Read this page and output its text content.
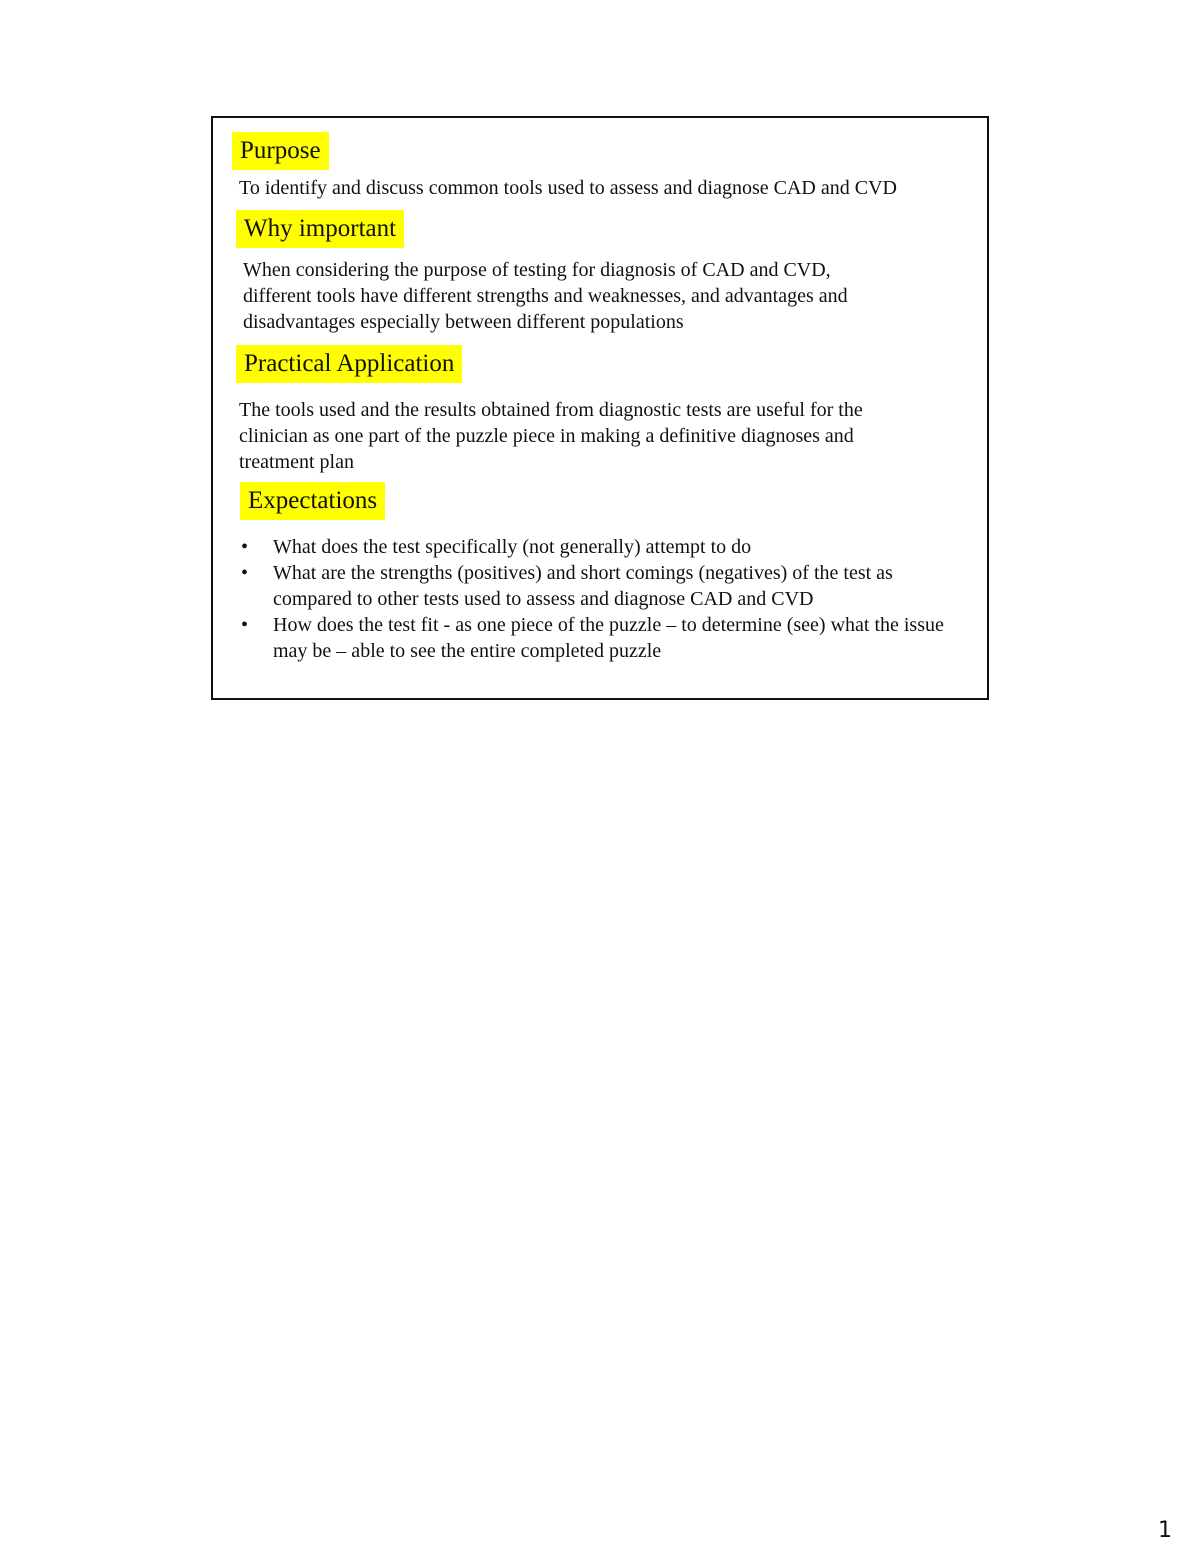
Purpose
To identify and discuss common tools used to assess and diagnose CAD and CVD
Why important
When considering the purpose of testing for diagnosis of CAD and CVD, different tools have different strengths and weaknesses, and advantages and disadvantages especially between different populations
Practical Application
The tools used and the results obtained from diagnostic tests are useful for the clinician as one part of the puzzle piece in making a definitive diagnoses and treatment plan
Expectations
• What does the test specifically (not generally) attempt to do
• What are the strengths (positives) and short comings (negatives) of the test as compared to other tests used to assess and diagnose CAD and CVD
• How does the test fit - as one piece of the puzzle – to determine (see) what the issue may be – able to see the entire completed puzzle
1
